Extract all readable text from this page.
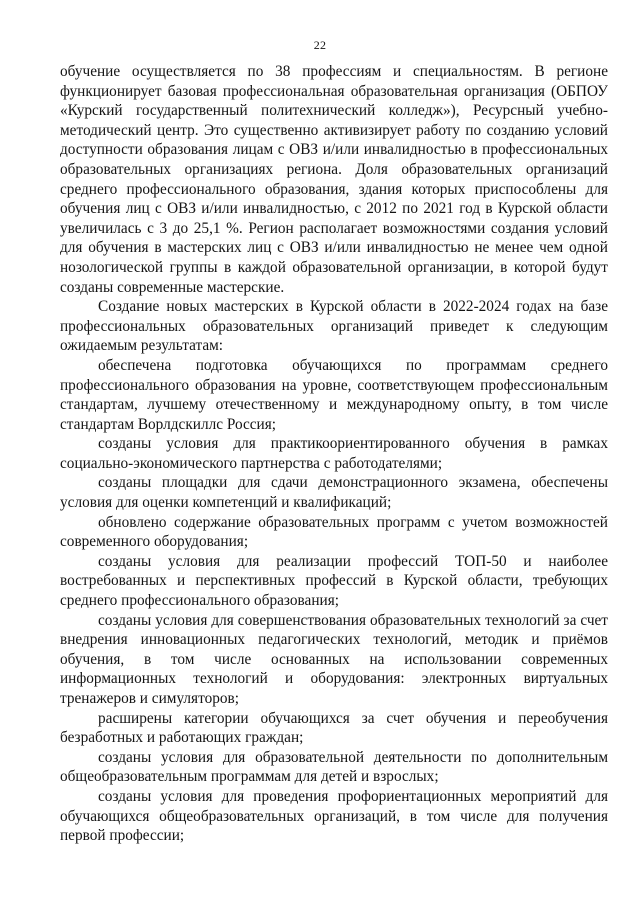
22

обучение осуществляется по 38 профессиям и специальностям. В регионе функционирует базовая профессиональная образовательная организация (ОБПОУ «Курский государственный политехнический колледж»), Ресурсный учебно-методический центр. Это существенно активизирует работу по созданию условий доступности образования лицам с ОВЗ и/или инвалидностью в профессиональных образовательных организациях региона. Доля образовательных организаций среднего профессионального образования, здания которых приспособлены для обучения лиц с ОВЗ и/или инвалидностью, с 2012 по 2021 год в Курской области увеличилась с 3 до 25,1 %. Регион располагает возможностями создания условий для обучения в мастерских лиц с ОВЗ и/или инвалидностью не менее чем одной нозологической группы в каждой образовательной организации, в которой будут созданы современные мастерские.

Создание новых мастерских в Курской области в 2022-2024 годах на базе профессиональных образовательных организаций приведет к следующим ожидаемым результатам:

обеспечена подготовка обучающихся по программам среднего профессионального образования на уровне, соответствующем профессиональным стандартам, лучшему отечественному и международному опыту, в том числе стандартам Ворлдскиллс Россия;

созданы условия для практикоориентированного обучения в рамках социально-экономического партнерства с работодателями;

созданы площадки для сдачи демонстрационного экзамена, обеспечены условия для оценки компетенций и квалификаций;

обновлено содержание образовательных программ с учетом возможностей современного оборудования;

созданы условия для реализации профессий ТОП-50 и наиболее востребованных и перспективных профессий в Курской области, требующих среднего профессионального образования;

созданы условия для совершенствования образовательных технологий за счет внедрения инновационных педагогических технологий, методик и приёмов обучения, в том числе основанных на использовании современных информационных технологий и оборудования: электронных виртуальных тренажеров и симуляторов;

расширены категории обучающихся за счет обучения и переобучения безработных и работающих граждан;

созданы условия для образовательной деятельности по дополнительным общеобразовательным программам для детей и взрослых;

созданы условия для проведения профориентационных мероприятий для обучающихся общеобразовательных организаций, в том числе для получения первой профессии;
